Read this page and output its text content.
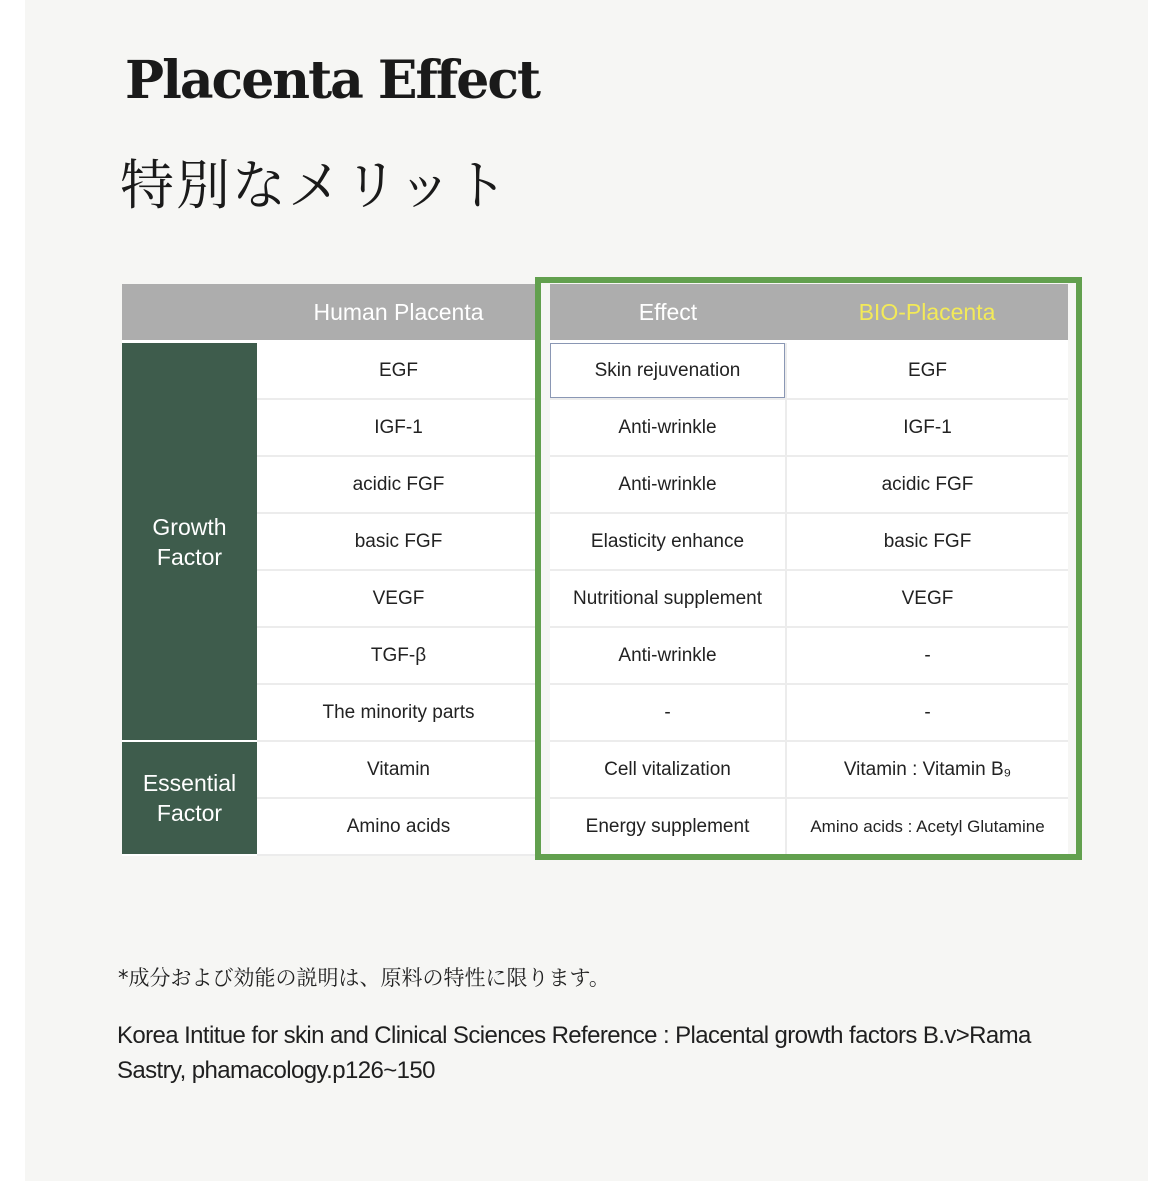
Placenta Effect
特別なメリット
	Human Placenta	Effect	BIO-Placenta
Growth Factor	EGF	Skin rejuvenation	EGF
	IGF-1	Anti-wrinkle	IGF-1
	acidic FGF	Anti-wrinkle	acidic FGF
	basic FGF	Elasticity enhance	basic FGF
	VEGF	Nutritional supplement	VEGF
	TGF-β	Anti-wrinkle	-
	The minority parts	-	-
Essential Factor	Vitamin	Cell vitalization	Vitamin : Vitamin B₉
	Amino acids	Energy supplement	Amino acids : Acetyl Glutamine
*成分および効能の説明は、原料の特性に限ります。
Korea Intitue for skin and Clinical Sciences Reference : Placental growth factors B.v>Rama Sastry, phamacology.p126~150
